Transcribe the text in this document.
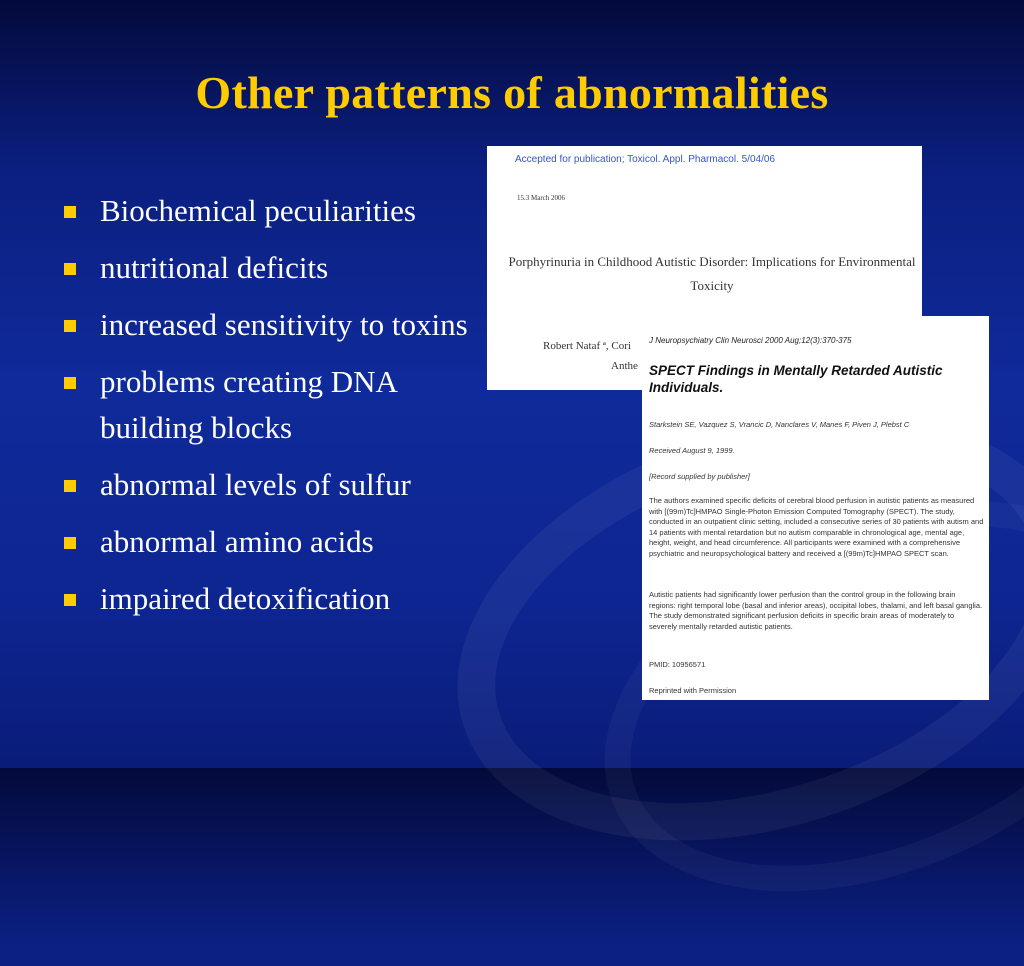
Other patterns of abnormalities
Biochemical peculiarities
nutritional deficits
increased sensitivity to toxins
problems creating DNA building blocks
abnormal levels of sulfur
abnormal amino acids
impaired detoxification
Accepted for publication; Toxicol. Appl. Pharmacol. 5/04/06
15.3 March 2006
Porphyrinuria in Childhood Autistic Disorder: Implications for Environmental Toxicity
Robert Nataf ª, Cori
Anthe
J Neuropsychiatry Clin Neurosci 2000 Aug;12(3):370-375
SPECT Findings in Mentally Retarded Autistic Individuals.
Starkstein SE, Vazquez S, Vrancic D, Nanclares V, Manes F, Piven J, Plebst C
Received August 9, 1999.
[Record supplied by publisher]
The authors examined specific deficits of cerebral blood perfusion in autistic patients as measured with [(99m)Tc]HMPAO Single-Photon Emission Computed Tomography (SPECT). The study, conducted in an outpatient clinic setting, included a consecutive series of 30 patients with autism and 14 patients with mental retardation but no autism comparable in chronological age, mental age, height, weight, and head circumference. All participants were examined with a comprehensive psychiatric and neuropsychological battery and received a [(99m)Tc]HMPAO SPECT scan.
Autistic patients had significantly lower perfusion than the control group in the following brain regions: right temporal lobe (basal and inferior areas), occipital lobes, thalami, and left basal ganglia. The study demonstrated significant perfusion deficits in specific brain areas of moderately to severely mentally retarded autistic patients.
PMID: 10956571
Reprinted with Permission
